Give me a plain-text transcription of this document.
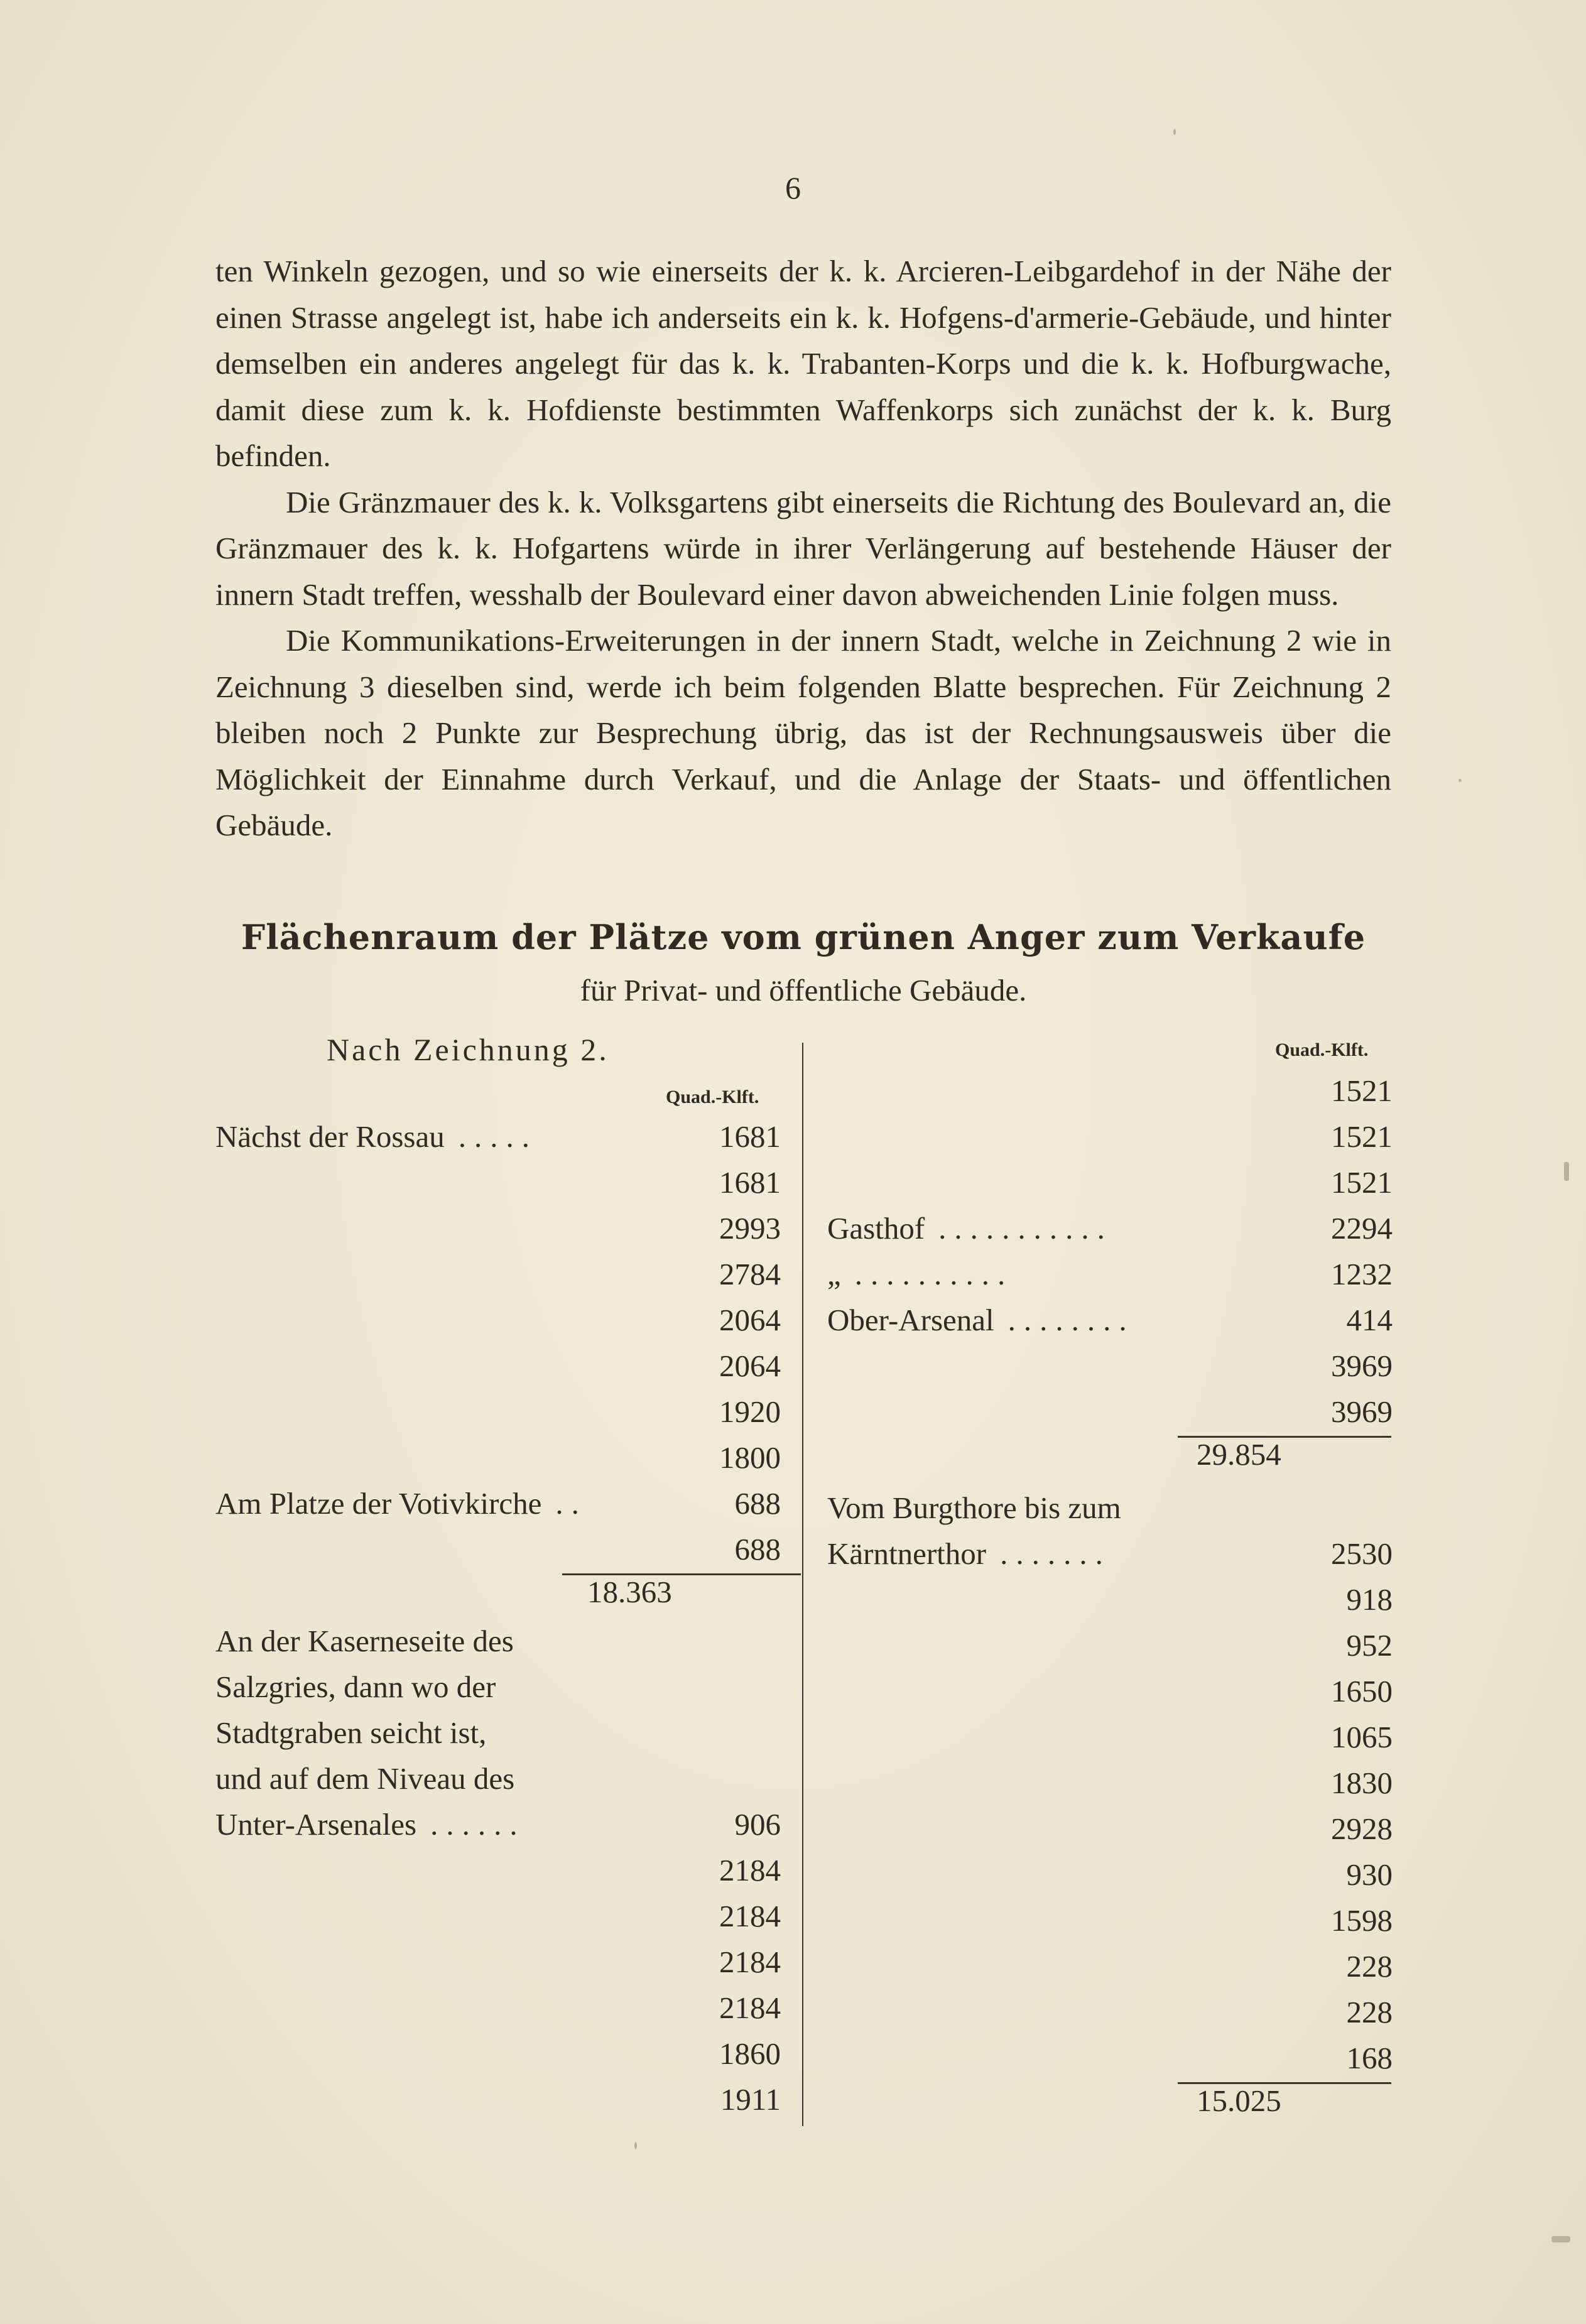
6

ten Winkeln gezogen, und so wie einerseits der k. k. Arcieren-Leibgardehof in der Nähe der einen Strasse angelegt ist, habe ich anderseits ein k. k. Hofgens-d'armerie-Gebäude, und hinter demselben ein anderes angelegt für das k. k. Trabanten-Korps und die k. k. Hofburgwache, damit diese zum k. k. Hofdienste bestimmten Waffenkorps sich zunächst der k. k. Burg befinden.

Die Gränzmauer des k. k. Volksgartens gibt einerseits die Richtung des Boulevard an, die Gränzmauer des k. k. Hofgartens würde in ihrer Verlängerung auf bestehende Häuser der innern Stadt treffen, wesshalb der Boulevard einer davon abweichenden Linie folgen muss.

Die Kommunikations-Erweiterungen in der innern Stadt, welche in Zeichnung 2 wie in Zeichnung 3 dieselben sind, werde ich beim folgenden Blatte besprechen. Für Zeichnung 2 bleiben noch 2 Punkte zur Besprechung übrig, das ist der Rechnungsausweis über die Möglichkeit der Einnahme durch Verkauf, und die Anlage der Staats- und öffentlichen Gebäude.

Flächenraum der Plätze vom grünen Anger zum Verkaufe
für Privat- und öffentliche Gebäude.
Nach Zeichnung 2.
Quad.-Klft.
Quad.-Klft.
Nächst der Rossau .....	1681
1681
2993
2784
2064
2064
1920
1800
Am Platze der Votivkirche ..	688
688
18.363
An der Kaserneseite des
Salzgries, dann wo der
Stadtgraben seicht ist,
und auf dem Niveau des
Unter-Arsenales ......	906
2184
2184
2184
2184
1860
1911
1521
1521
1521
Gasthof ...........	2294
„ ..........	1232
Ober-Arsenal ........	414
3969
3969
29.854
Vom Burgthore bis zum
Kärntnerthor .......	2530
918
952
1650
1065
1830
2928
930
1598
228
228
168
15.025
